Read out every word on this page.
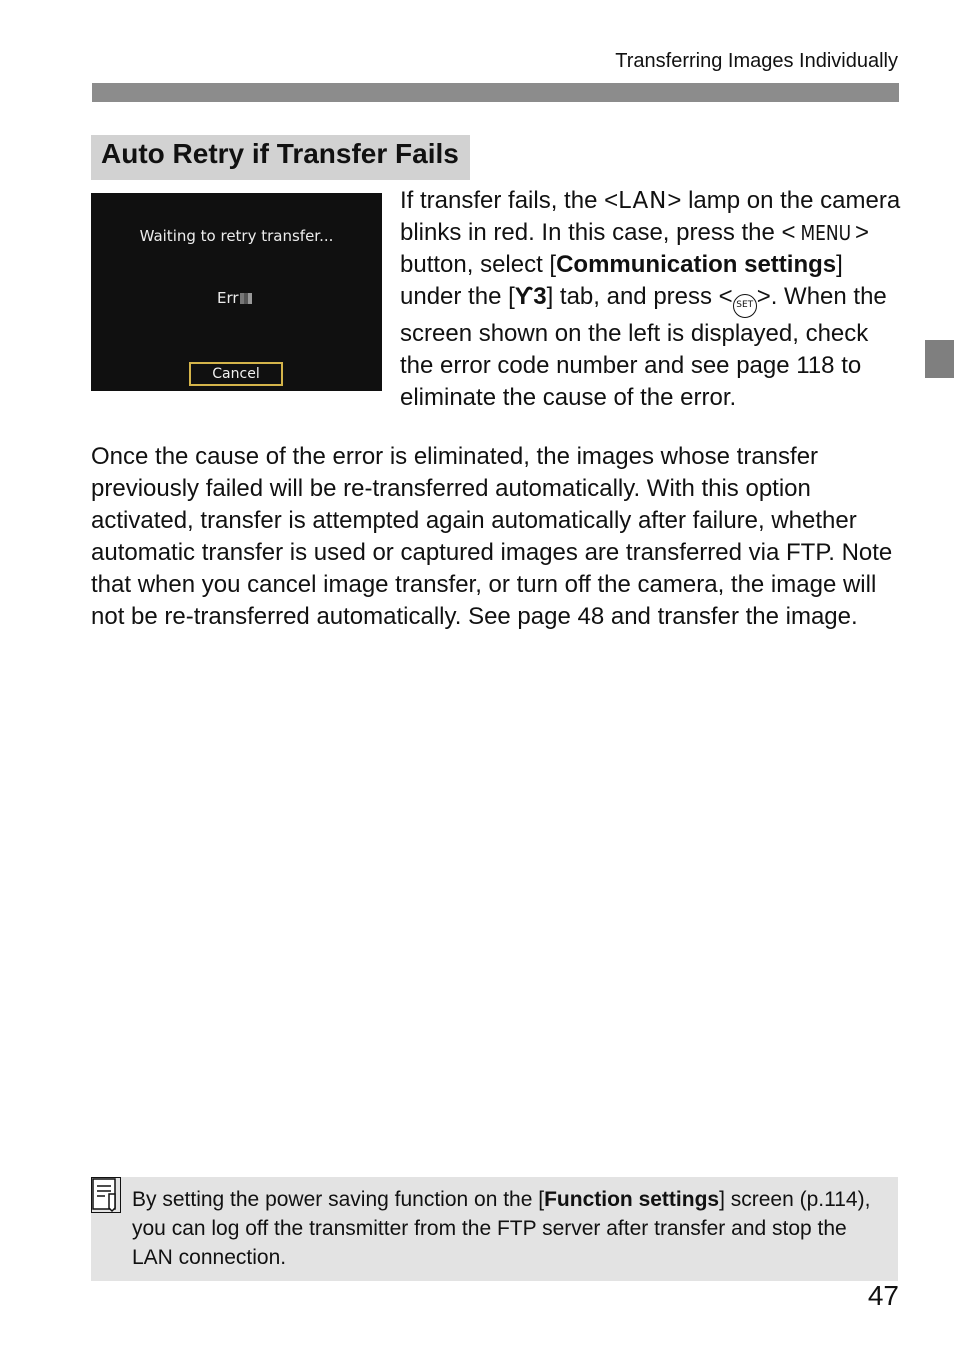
Transferring Images Individually
Auto Retry if Transfer Fails
Waiting to retry transfer...
Err
Cancel
If transfer fails, the <LAN> lamp on the camera blinks in red. In this case, press the < MENU > button, select [Communication settings] under the [ϒ3] tab, and press < SET >. When the screen shown on the left is displayed, check the error code number and see page 118 to eliminate the cause of the error.
Once the cause of the error is eliminated, the images whose transfer previously failed will be re-transferred automatically. With this option activated, transfer is attempted again automatically after failure, whether automatic transfer is used or captured images are transferred via FTP. Note that when you cancel image transfer, or turn off the camera, the image will not be re-transferred automatically. See page 48 and transfer the image.
By setting the power saving function on the [Function settings] screen (p.114), you can log off the transmitter from the FTP server after transfer and stop the LAN connection.
47
